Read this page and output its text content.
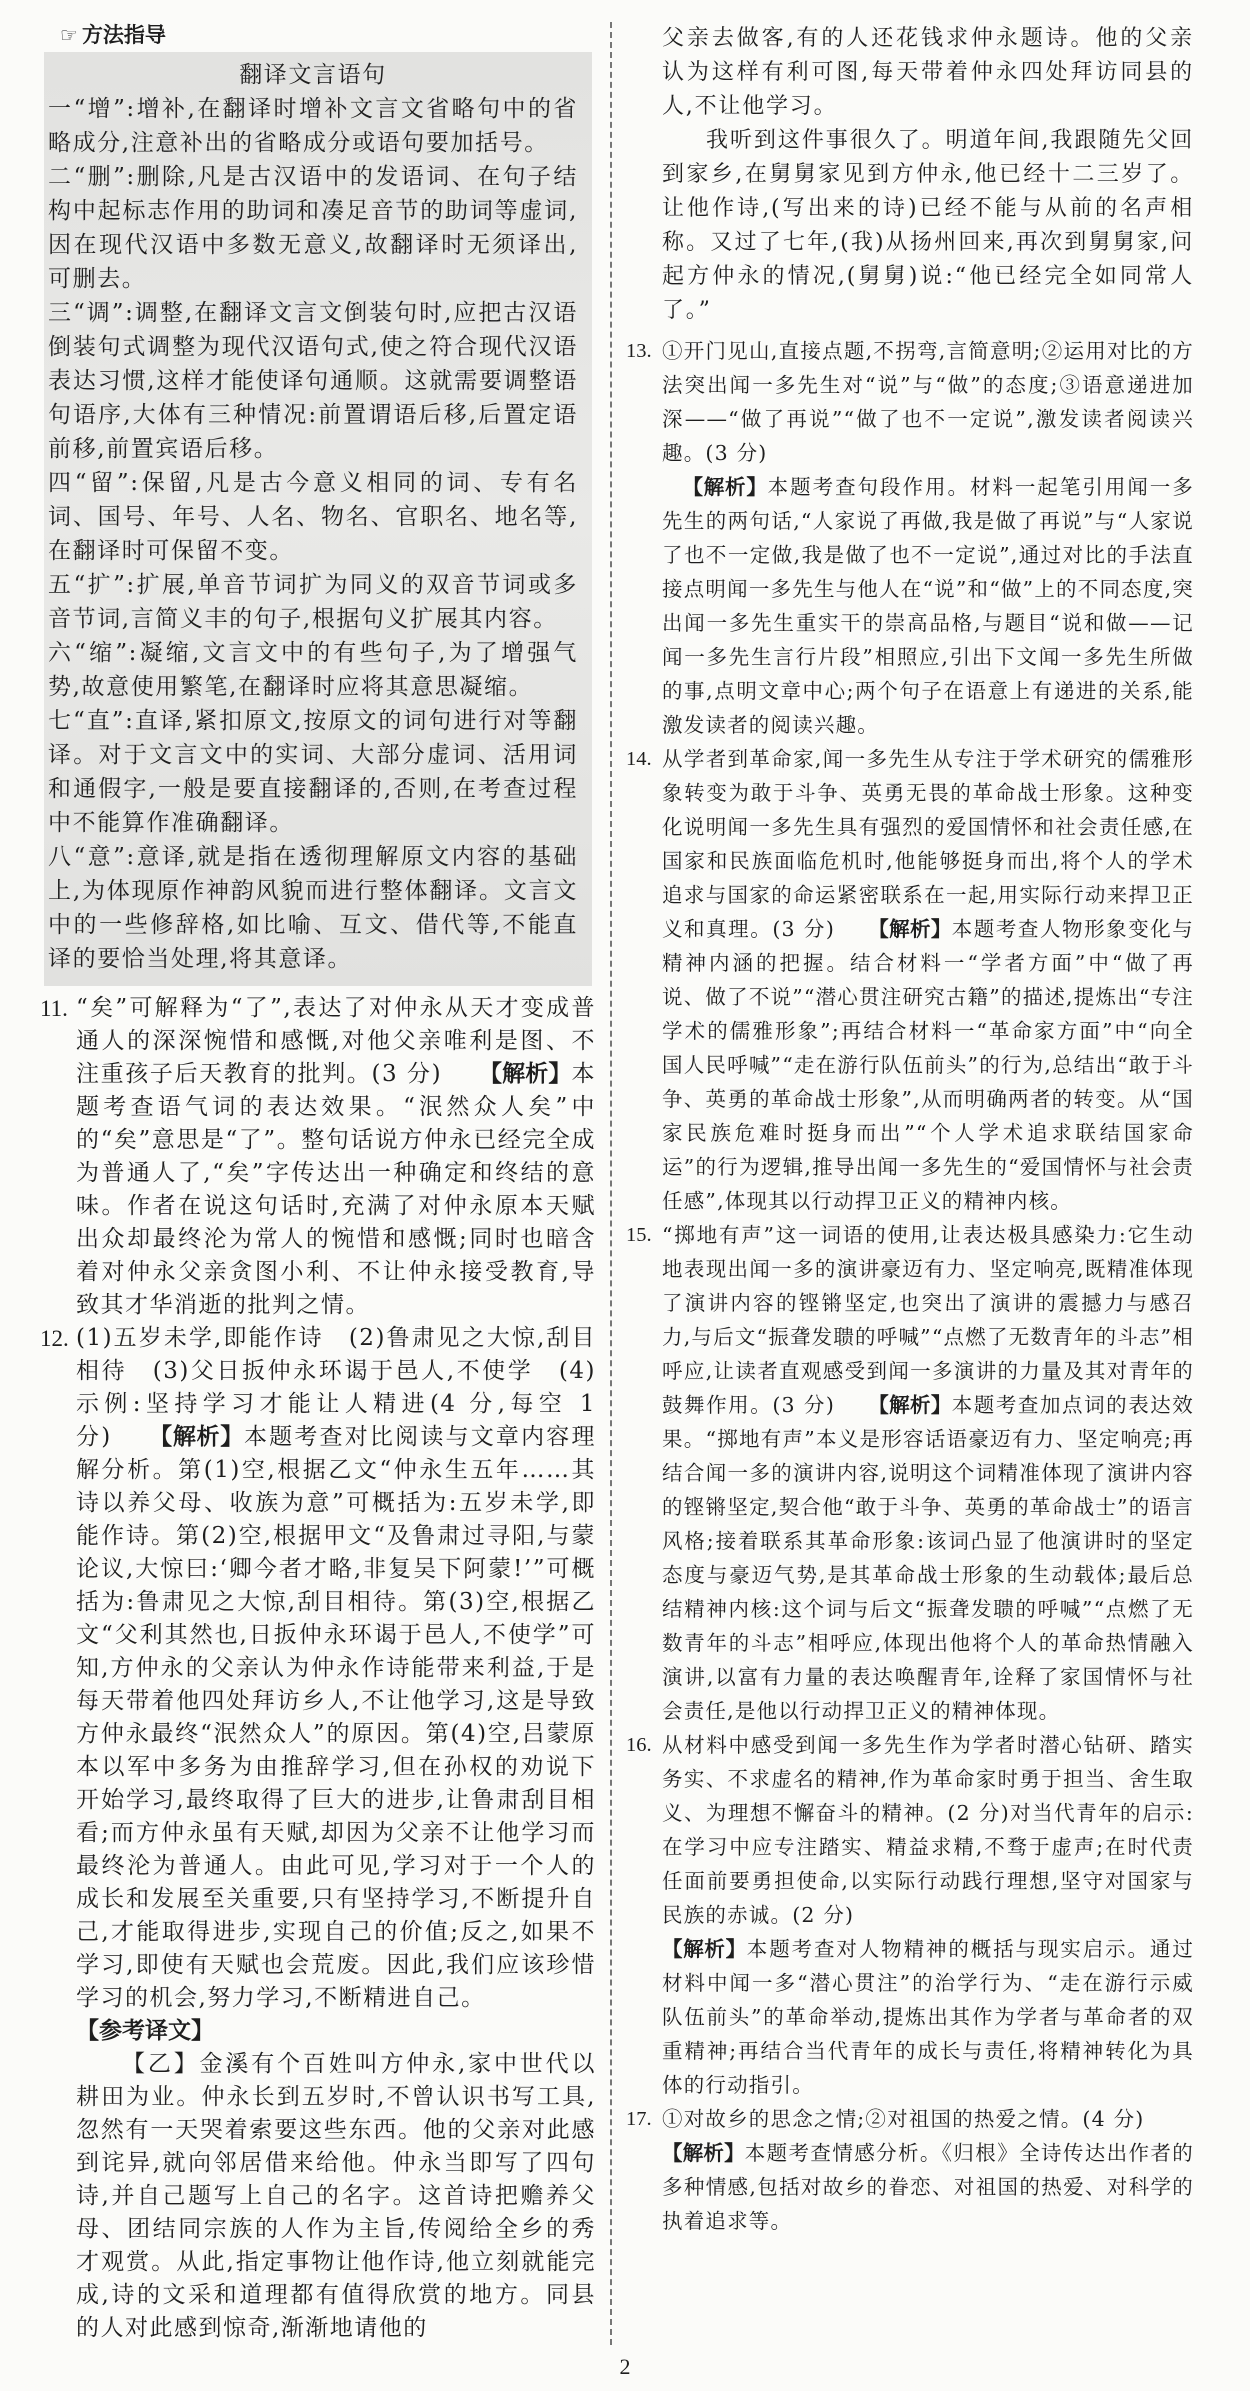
☞ 方法指导

翻译文言语句

一“增”:增补,在翻译时增补文言文省略句中的省略成分,注意补出的省略成分或语句要加括号。

二“删”:删除,凡是古汉语中的发语词、在句子结构中起标志作用的助词和凑足音节的助词等虚词,因在现代汉语中多数无意义,故翻译时无须译出,可删去。

三“调”:调整,在翻译文言文倒装句时,应把古汉语倒装句式调整为现代汉语句式,使之符合现代汉语表达习惯,这样才能使译句通顺。这就需要调整语句语序,大体有三种情况:前置谓语后移,后置定语前移,前置宾语后移。

四“留”:保留,凡是古今意义相同的词、专有名词、国号、年号、人名、物名、官职名、地名等,在翻译时可保留不变。

五“扩”:扩展,单音节词扩为同义的双音节词或多音节词,言简义丰的句子,根据句义扩展其内容。

六“缩”:凝缩,文言文中的有些句子,为了增强气势,故意使用繁笔,在翻译时应将其意思凝缩。

七“直”:直译,紧扣原文,按原文的词句进行对等翻译。对于文言文中的实词、大部分虚词、活用词和通假字,一般是要直接翻译的,否则,在考查过程中不能算作准确翻译。

八“意”:意译,就是指在透彻理解原文内容的基础上,为体现原作神韵风貌而进行整体翻译。文言文中的一些修辞格,如比喻、互文、借代等,不能直译的要恰当处理,将其意译。

11. “矣”可解释为“了”,表达了对仲永从天才变成普通人的深深惋惜和感慨,对他父亲唯利是图、不注重孩子后天教育的批判。(3 分) 【解析】本题考查语气词的表达效果。“泯然众人矣”中的“矣”意思是“了”。整句话说方仲永已经完全成为普通人了,“矣”字传达出一种确定和终结的意味。作者在说这句话时,充满了对仲永原本天赋出众却最终沦为常人的惋惜和感慨;同时也暗含着对仲永父亲贪图小利、不让仲永接受教育,导致其才华消逝的批判之情。

12. (1)五岁未学,即能作诗　(2)鲁肃见之大惊,刮目相待　(3)父日扳仲永环谒于邑人,不使学　(4)示例:坚持学习才能让人精进(4 分,每空 1 分) 【解析】本题考查对比阅读与文章内容理解分析。第(1)空,根据乙文“仲永生五年……其诗以养父母、收族为意”可概括为:五岁未学,即能作诗。第(2)空,根据甲文“及鲁肃过寻阳,与蒙论议,大惊曰:‘卿今者才略,非复吴下阿蒙!’”可概括为:鲁肃见之大惊,刮目相待。第(3)空,根据乙文“父利其然也,日扳仲永环谒于邑人,不使学”可知,方仲永的父亲认为仲永作诗能带来利益,于是每天带着他四处拜访乡人,不让他学习,这是导致方仲永最终“泯然众人”的原因。第(4)空,吕蒙原本以军中多务为由推辞学习,但在孙权的劝说下开始学习,最终取得了巨大的进步,让鲁肃刮目相看;而方仲永虽有天赋,却因为父亲不让他学习而最终沦为普通人。由此可见,学习对于一个人的成长和发展至关重要,只有坚持学习,不断提升自己,才能取得进步,实现自己的价值;反之,如果不学习,即使有天赋也会荒废。因此,我们应该珍惜学习的机会,努力学习,不断精进自己。

【参考译文】

【乙】金溪有个百姓叫方仲永,家中世代以耕田为业。仲永长到五岁时,不曾认识书写工具,忽然有一天哭着索要这些东西。他的父亲对此感到诧异,就向邻居借来给他。仲永当即写了四句诗,并自己题写上自己的名字。这首诗把赡养父母、团结同宗族的人作为主旨,传阅给全乡的秀才观赏。从此,指定事物让他作诗,他立刻就能完成,诗的文采和道理都有值得欣赏的地方。同县的人对此感到惊奇,渐渐地请他的

父亲去做客,有的人还花钱求仲永题诗。他的父亲认为这样有利可图,每天带着仲永四处拜访同县的人,不让他学习。

我听到这件事很久了。明道年间,我跟随先父回到家乡,在舅舅家见到方仲永,他已经十二三岁了。让他作诗,(写出来的诗)已经不能与从前的名声相称。又过了七年,(我)从扬州回来,再次到舅舅家,问起方仲永的情况,(舅舅)说:“他已经完全如同常人了。”

13. ①开门见山,直接点题,不拐弯,言简意明;②运用对比的方法突出闻一多先生对“说”与“做”的态度;③语意递进加深——“做了再说”“做了也不一定说”,激发读者阅读兴趣。(3 分)
【解析】本题考查句段作用。材料一起笔引用闻一多先生的两句话,“人家说了再做,我是做了再说”与“人家说了也不一定做,我是做了也不一定说”,通过对比的手法直接点明闻一多先生与他人在“说”和“做”上的不同态度,突出闻一多先生重实干的崇高品格,与题目“说和做——记闻一多先生言行片段”相照应,引出下文闻一多先生所做的事,点明文章中心;两个句子在语意上有递进的关系,能激发读者的阅读兴趣。

14. 从学者到革命家,闻一多先生从专注于学术研究的儒雅形象转变为敢于斗争、英勇无畏的革命战士形象。这种变化说明闻一多先生具有强烈的爱国情怀和社会责任感,在国家和民族面临危机时,他能够挺身而出,将个人的学术追求与国家的命运紧密联系在一起,用实际行动来捍卫正义和真理。(3 分) 【解析】本题考查人物形象变化与精神内涵的把握。结合材料一“学者方面”中“做了再说、做了不说”“潜心贯注研究古籍”的描述,提炼出“专注学术的儒雅形象”;再结合材料一“革命家方面”中“向全国人民呼喊”“走在游行队伍前头”的行为,总结出“敢于斗争、英勇的革命战士形象”,从而明确两者的转变。从“国家民族危难时挺身而出”“个人学术追求联结国家命运”的行为逻辑,推导出闻一多先生的“爱国情怀与社会责任感”,体现其以行动捍卫正义的精神内核。

15. “掷地有声”这一词语的使用,让表达极具感染力:它生动地表现出闻一多的演讲豪迈有力、坚定响亮,既精准体现了演讲内容的铿锵坚定,也突出了演讲的震撼力与感召力,与后文“振聋发聩的呼喊”“点燃了无数青年的斗志”相呼应,让读者直观感受到闻一多演讲的力量及其对青年的鼓舞作用。(3 分) 【解析】本题考查加点词的表达效果。“掷地有声”本义是形容话语豪迈有力、坚定响亮;再结合闻一多的演讲内容,说明这个词精准体现了演讲内容的铿锵坚定,契合他“敢于斗争、英勇的革命战士”的语言风格;接着联系其革命形象:该词凸显了他演讲时的坚定态度与豪迈气势,是其革命战士形象的生动载体;最后总结精神内核:这个词与后文“振聋发聩的呼喊”“点燃了无数青年的斗志”相呼应,体现出他将个人的革命热情融入演讲,以富有力量的表达唤醒青年,诠释了家国情怀与社会责任,是他以行动捍卫正义的精神体现。

16. 从材料中感受到闻一多先生作为学者时潜心钻研、踏实务实、不求虚名的精神,作为革命家时勇于担当、舍生取义、为理想不懈奋斗的精神。(2 分)对当代青年的启示:在学习中应专注踏实、精益求精,不骛于虚声;在时代责任面前要勇担使命,以实际行动践行理想,坚守对国家与民族的赤诚。(2 分)
【解析】本题考查对人物精神的概括与现实启示。通过材料中闻一多“潜心贯注”的治学行为、“走在游行示威队伍前头”的革命举动,提炼出其作为学者与革命者的双重精神;再结合当代青年的成长与责任,将精神转化为具体的行动指引。

17. ①对故乡的思念之情;②对祖国的热爱之情。(4 分)
【解析】本题考查情感分析。《归根》全诗传达出作者的多种情感,包括对故乡的眷恋、对祖国的热爱、对科学的执着追求等。

2
